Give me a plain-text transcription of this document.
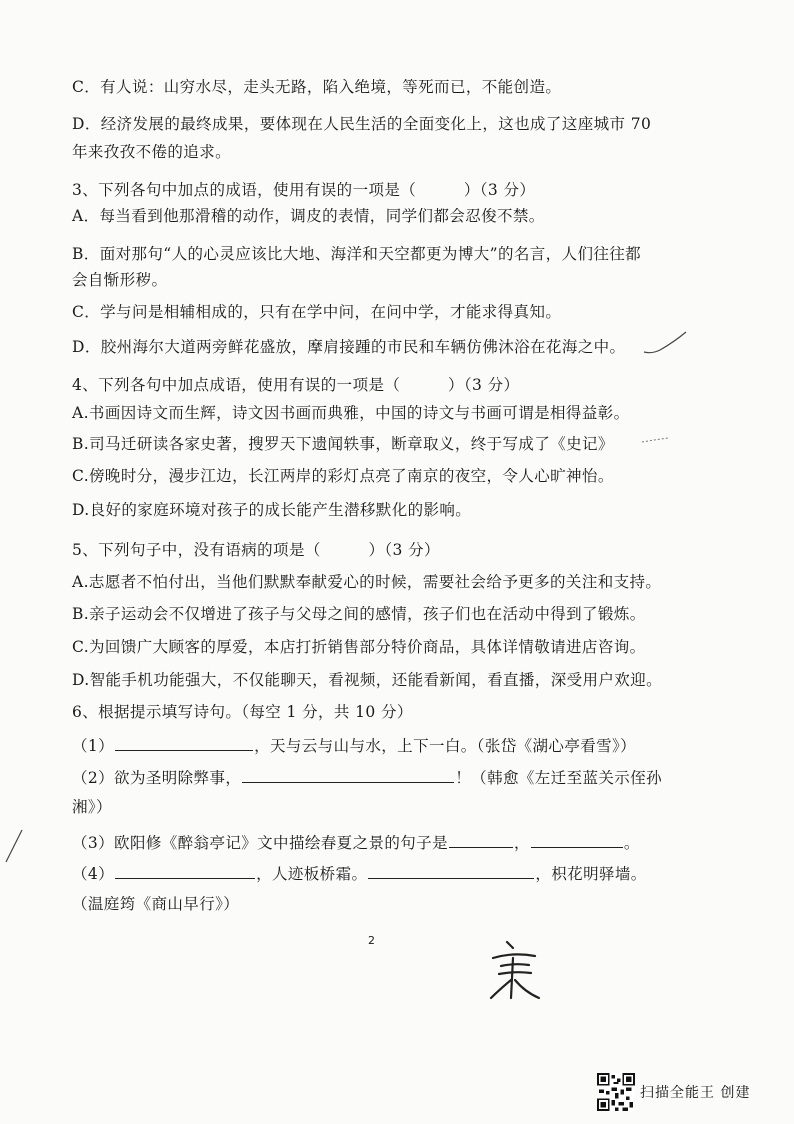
C．有人说：山穷水尽，走头无路，陷入绝境，等死而已，不能创造。
D．经济发展的最终成果，要体现在人民生活的全面变化上，这也成了这座城市 70
年来孜孜不倦的追求。
3、下列各句中加点的成语，使用有误的一项是（　　　）（3 分）
A．每当看到他那滑稽的动作，调皮的表情，同学们都会忍俊不禁。
B．面对那句“人的心灵应该比大地、海洋和天空都更为博大”的名言，人们往往都
会自惭形秽。
C．学与问是相辅相成的，只有在学中问，在问中学，才能求得真知。
D．胶州海尔大道两旁鲜花盛放，摩肩接踵的市民和车辆仿佛沐浴在花海之中。
4、下列各句中加点成语，使用有误的一项是（　　　）（3 分）
A.书画因诗文而生辉，诗文因书画而典雅，中国的诗文与书画可谓是相得益彰。
B.司马迁研读各家史著，搜罗天下遗闻轶事，断章取义，终于写成了《史记》
C.傍晚时分，漫步江边，长江两岸的彩灯点亮了南京的夜空，令人心旷神怡。
D.良好的家庭环境对孩子的成长能产生潜移默化的影响。
5、下列句子中，没有语病的项是（　　　）（3 分）
A.志愿者不怕付出，当他们默默奉献爱心的时候，需要社会给予更多的关注和支持。
B.亲子运动会不仅增进了孩子与父母之间的感情，孩子们也在活动中得到了锻炼。
C.为回馈广大顾客的厚爱，本店打折销售部分特价商品，具体详情敬请进店咨询。
D.智能手机功能强大，不仅能聊天，看视频，还能看新闻，看直播，深受用户欢迎。
6、根据提示填写诗句。（每空 1 分，共 10 分）
（1）	，天与云与山与水，上下一白。（张岱《湖心亭看雪》）
（2）欲为圣明除弊事，	！（韩愈《左迁至蓝关示侄孙
湘》）
（3）欧阳修《醉翁亭记》文中描绘春夏之景的句子是	，	。
（4）	，人迹板桥霜。	，枳花明驿墙。
（温庭筠《商山早行》）
2
扫描全能王 创建
